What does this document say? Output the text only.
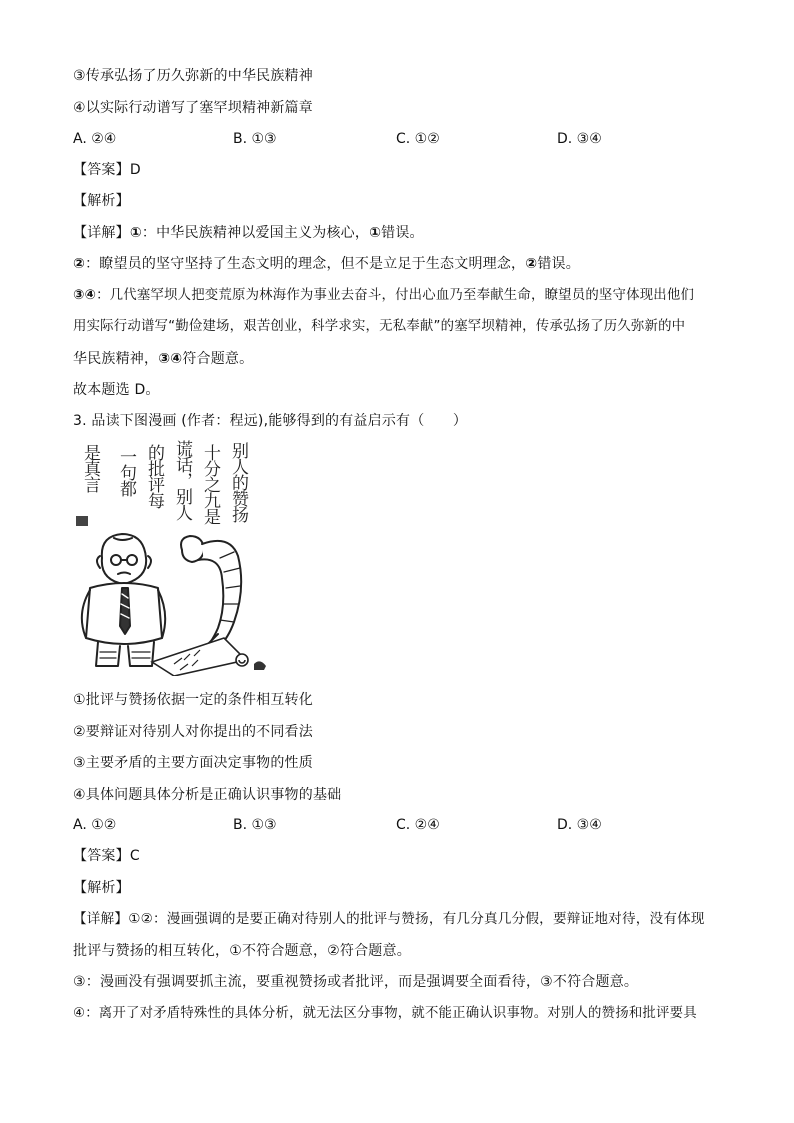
③传承弘扬了历久弥新的中华民族精神
④以实际行动谱写了塞罕坝精神新篇章
A. ②④	B. ①③	C. ①②	D. ③④
【答案】D
【解析】
【详解】①：中华民族精神以爱国主义为核心，①错误。
②：瞭望员的坚守坚持了生态文明的理念，但不是立足于生态文明理念，②错误。
③④：几代塞罕坝人把变荒原为林海作为事业去奋斗，付出心血乃至奉献生命，瞭望员的坚守体现出他们
用实际行动谱写“勤俭建场，艰苦创业，科学求实，无私奉献”的塞罕坝精神，传承弘扬了历久弥新的中
华民族精神，③④符合题意。
故本题选 D。
3. 品读下图漫画 (作者：程远),能够得到的有益启示有（　　）
别人的赞扬
十分之九是
谎话，别人
的批评每
一句都
是真言
①批评与赞扬依据一定的条件相互转化
②要辩证对待别人对你提出的不同看法
③主要矛盾的主要方面决定事物的性质
④具体问题具体分析是正确认识事物的基础
A. ①②	B. ①③	C. ②④	D. ③④
【答案】C
【解析】
【详解】①②：漫画强调的是要正确对待别人的批评与赞扬，有几分真几分假，要辩证地对待，没有体现
批评与赞扬的相互转化，①不符合题意，②符合题意。
③：漫画没有强调要抓主流，要重视赞扬或者批评，而是强调要全面看待，③不符合题意。
④：离开了对矛盾特殊性的具体分析，就无法区分事物，就不能正确认识事物。对别人的赞扬和批评要具
